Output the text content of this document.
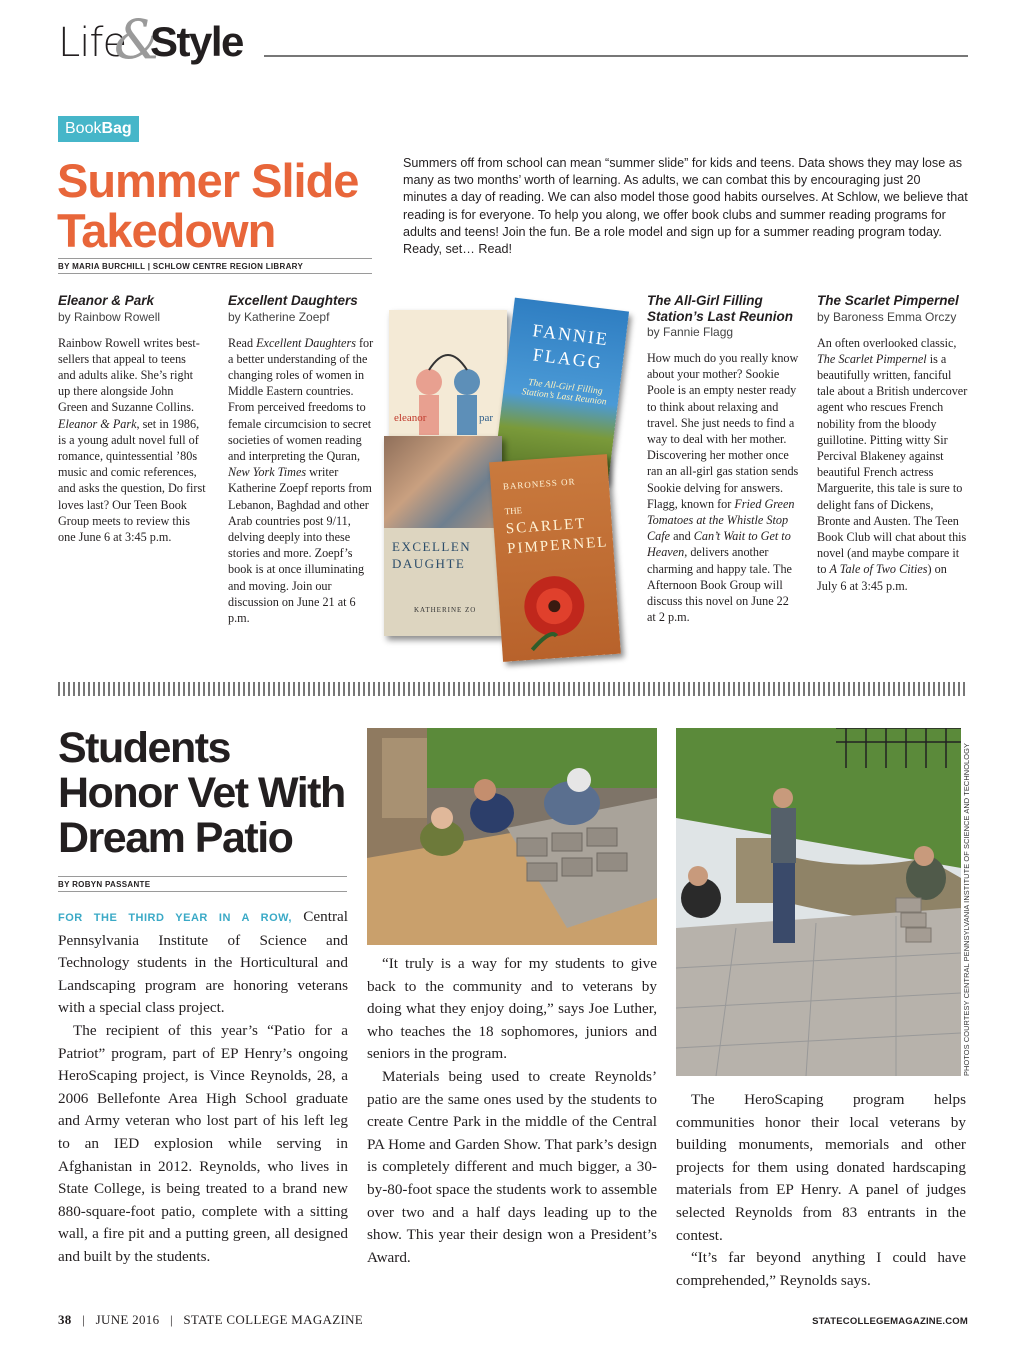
Life
&
Style
BookBag
Summer Slide
Takedown
BY MARIA BURCHILL | SCHLOW CENTRE REGION LIBRARY
Summers off from school can mean “summer slide” for kids and teens. Data shows they may lose as many as two months’ worth of learning. As adults, we can combat this by encouraging just 20 minutes a day of reading. We can also model those good habits ourselves. At Schlow, we believe that reading is for everyone. To help you along, we offer book clubs and summer reading programs for adults and teens! Join the fun. Be a role model and sign up for a summer reading program today. Ready, set… Read!
Eleanor & Park
by Rainbow Rowell
Rainbow Rowell writes best-sellers that appeal to teens and adults alike. She’s right up there alongside John Green and Suzanne Collins. Eleanor & Park, set in 1986, is a young adult novel full of romance, quintessential ’80s music and comic references, and asks the question, Do first loves last? Our Teen Book Group meets to review this one June 6 at 3:45 p.m.
Excellent Daughters
by Katherine Zoepf
Read Excellent Daughters for a better understanding of the changing roles of women in Middle Eastern countries. From perceived freedoms to female circumcision to secret societies of women reading and interpreting the Quran, New York Times writer Katherine Zoepf reports from Lebanon, Baghdad and other Arab countries post 9/11, delving deeply into these stories and more. Zoepf’s book is at once illuminating and moving. Join our discussion on June 21 at 6 p.m.
The All-Girl Filling Station’s Last Reunion
by Fannie Flagg
How much do you really know about your mother? Sookie Poole is an empty nester ready to think about relaxing and travel. She just needs to find a way to deal with her mother. Discovering her mother once ran an all-girl gas station sends Sookie delving for answers. Flagg, known for Fried Green Tomatoes at the Whistle Stop Cafe and Can’t Wait to Get to Heaven, delivers another charming and happy tale. The Afternoon Book Group will discuss this novel on June 22 at 2 p.m.
The Scarlet Pimpernel
by Baroness Emma Orczy
An often overlooked classic, The Scarlet Pimpernel is a beautifully written, fanciful tale about a British undercover agent who rescues French nobility from the bloody guillotine. Pitting witty Sir Percival Blakeney against beautiful French actress Marguerite, this tale is sure to delight fans of Dickens, Bronte and Austen. The Teen Book Club will chat about this novel (and maybe compare it to A Tale of Two Cities) on July 6 at 3:45 p.m.
eleanor	par
FANNIE
FLAGG
The All-Girl Filling Station’s Last Reunion
EXCELLEN
DAUGHTE
KATHERINE ZO
BARONESS OR
THE
SCARLET
PIMPERNEL
Students
Honor Vet With
Dream Patio
BY ROBYN PASSANTE

FOR THE THIRD YEAR IN A ROW, Central Pennsylvania Institute of Science and Technology students in the Horticultural and Landscaping program are honoring veterans with a special class project.

The recipient of this year’s “Patio for a Patriot” program, part of EP Henry’s ongoing HeroScaping project, is Vince Reynolds, 28, a 2006 Bellefonte Area High School graduate and Army veteran who lost part of his left leg to an IED explosion while serving in Afghanistan in 2012. Reynolds, who lives in State College, is being treated to a brand new 880-square-foot patio, complete with a sitting wall, a fire pit and a putting green, all designed and built by the students.

“It truly is a way for my students to give back to the community and to veterans by doing what they enjoy doing,” says Joe Luther, who teaches the 18 sophomores, juniors and seniors in the program.

Materials being used to create Reynolds’ patio are the same ones used by the students to create Centre Park in the middle of the Central PA Home and Garden Show. That park’s design is completely different and much bigger, a 30-by-80-foot space the students work to assemble over two and a half days leading up to the show. This year their design won a President’s Award.

PHOTOS COURTESY CENTRAL PENNSYLVANIA INSTITUTE OF SCIENCE AND TECHNOLOGY

The HeroScaping program helps communities honor their local veterans by building monuments, memorials and other projects for them using donated hardscaping materials from EP Henry. A panel of judges selected Reynolds from 83 entrants in the contest.

“It’s far beyond anything I could have comprehended,” Reynolds says.

38 | JUNE 2016 | STATE COLLEGE MAGAZINE	STATECOLLEGEMAGAZINE.COM
